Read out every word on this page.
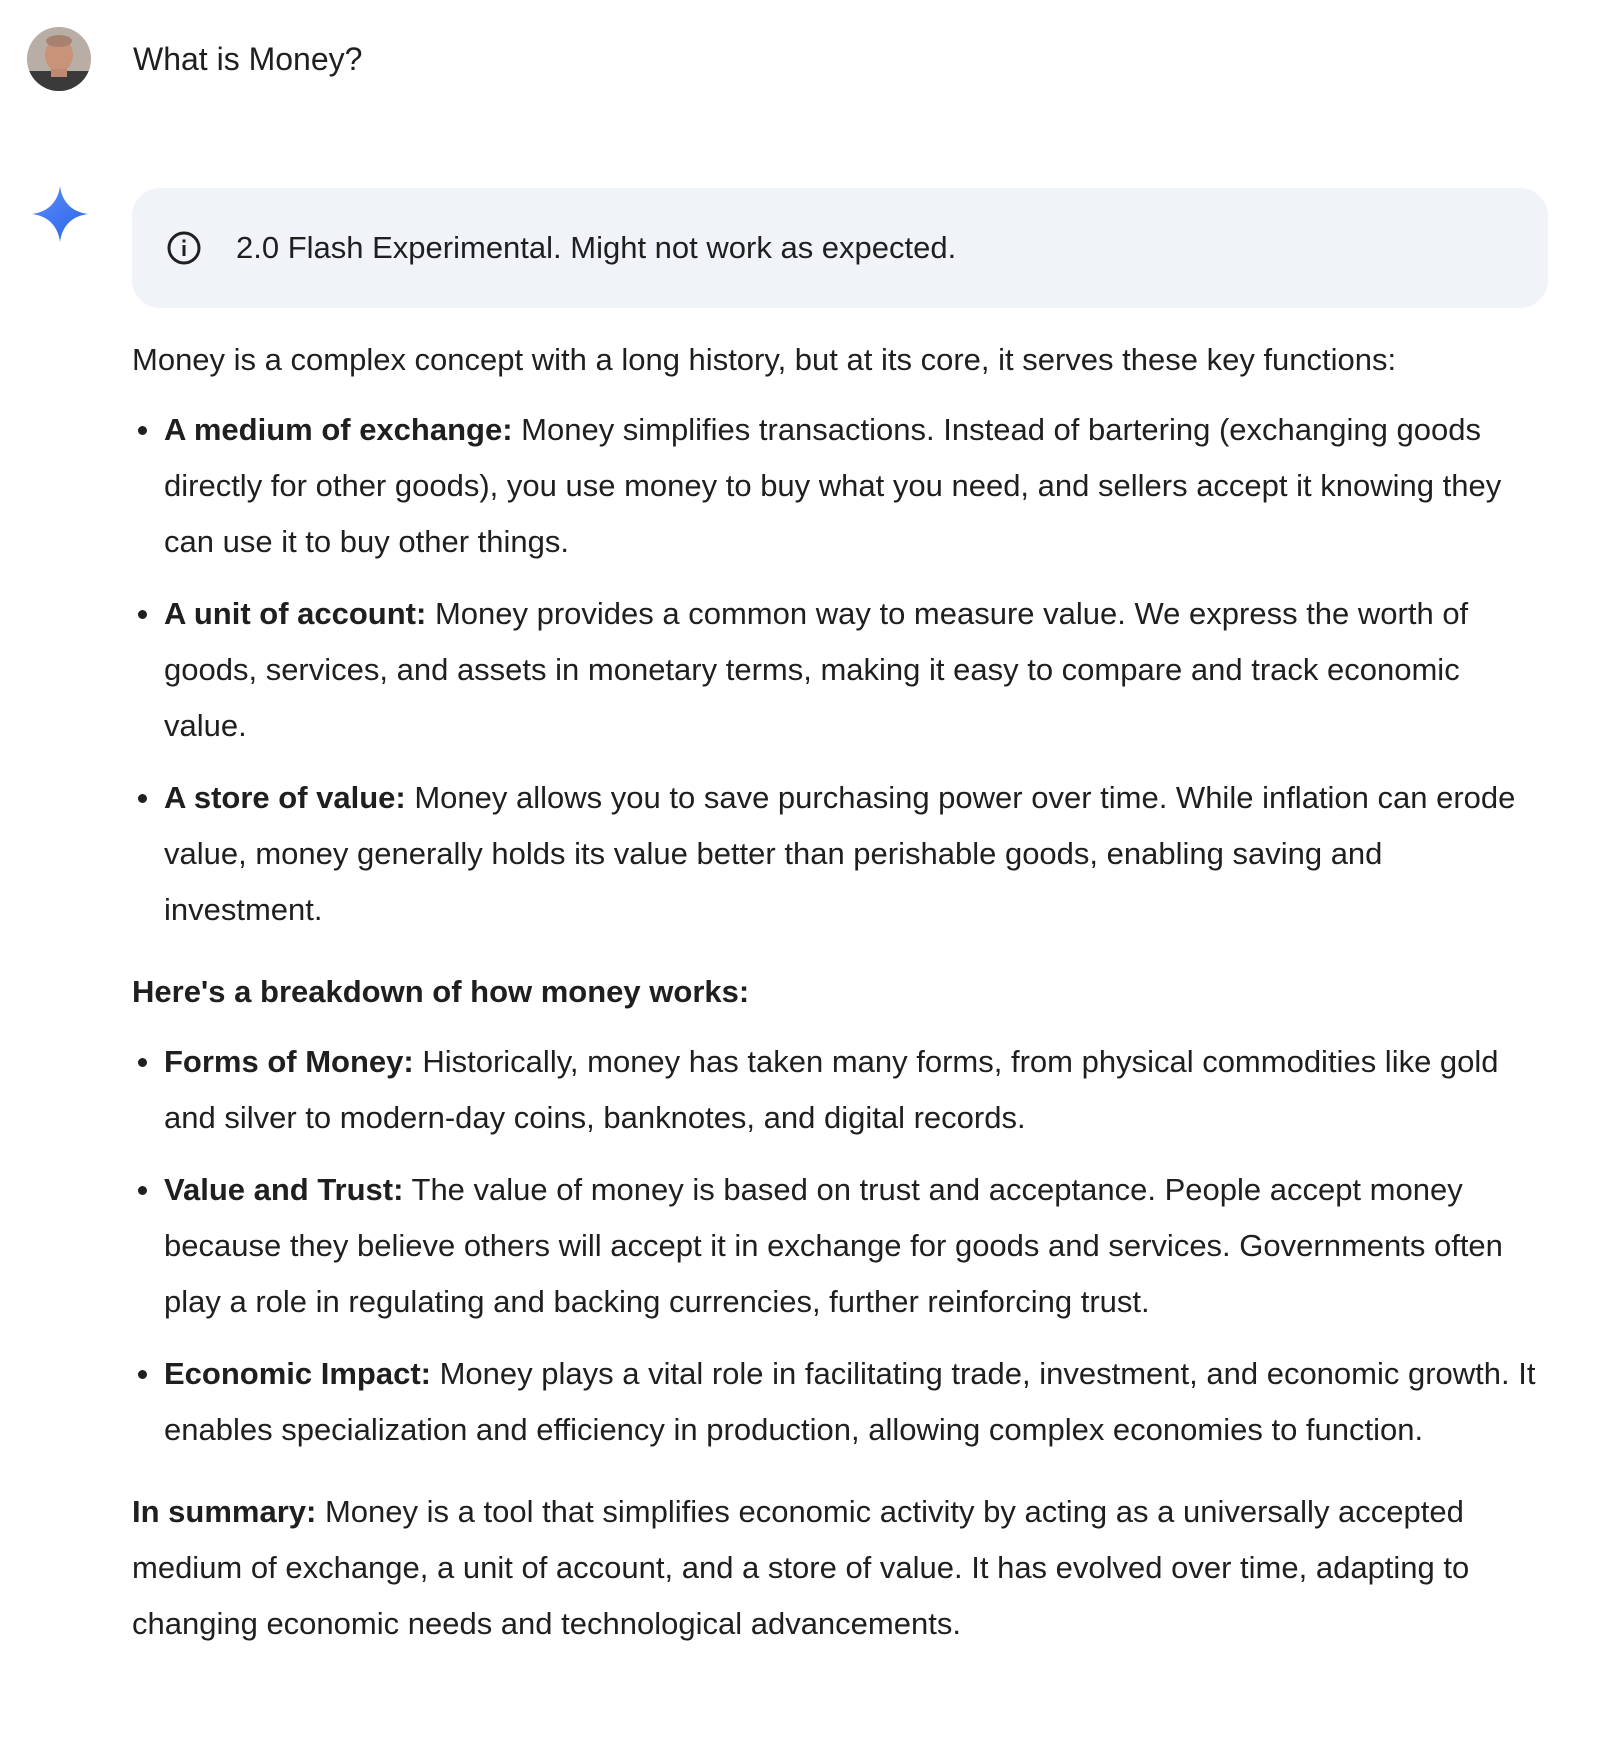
What is Money?
2.0 Flash Experimental. Might not work as expected.

Money is a complex concept with a long history, but at its core, it serves these key functions:

A medium of exchange: Money simplifies transactions. Instead of bartering (exchanging goods directly for other goods), you use money to buy what you need, and sellers accept it knowing they can use it to buy other things.
A unit of account: Money provides a common way to measure value. We express the worth of goods, services, and assets in monetary terms, making it easy to compare and track economic value.
A store of value: Money allows you to save purchasing power over time. While inflation can erode value, money generally holds its value better than perishable goods, enabling saving and investment.

Here's a breakdown of how money works:

Forms of Money: Historically, money has taken many forms, from physical commodities like gold and silver to modern-day coins, banknotes, and digital records.
Value and Trust: The value of money is based on trust and acceptance. People accept money because they believe others will accept it in exchange for goods and services. Governments often play a role in regulating and backing currencies, further reinforcing trust.
Economic Impact: Money plays a vital role in facilitating trade, investment, and economic growth. It enables specialization and efficiency in production, allowing complex economies to function.

In summary: Money is a tool that simplifies economic activity by acting as a universally accepted medium of exchange, a unit of account, and a store of value. It has evolved over time, adapting to changing economic needs and technological advancements.
